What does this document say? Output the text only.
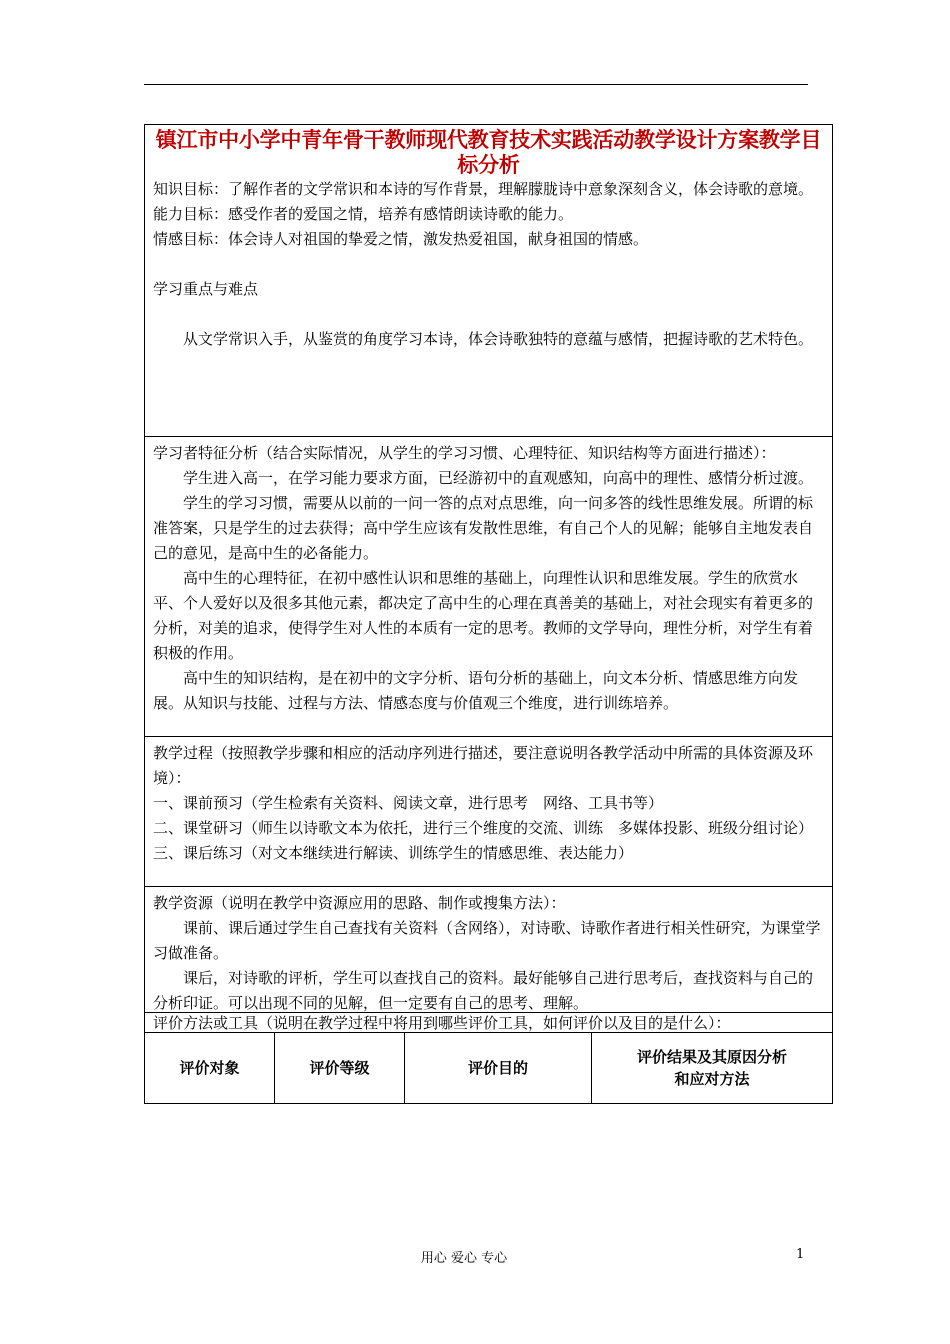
镇江市中小学中青年骨干教师现代教育技术实践活动教学设计方案教学目标分析

知识目标：了解作者的文学常识和本诗的写作背景，理解朦胧诗中意象深刻含义，体会诗歌的意境。

能力目标：感受作者的爱国之情，培养有感情朗读诗歌的能力。

情感目标：体会诗人对祖国的挚爱之情，激发热爱祖国，献身祖国的情感。

学习重点与难点

从文学常识入手，从鉴赏的角度学习本诗，体会诗歌独特的意蕴与感情，把握诗歌的艺术特色。

学习者特征分析（结合实际情况，从学生的学习习惯、心理特征、知识结构等方面进行描述）：

学生进入高一，在学习能力要求方面，已经游初中的直观感知，向高中的理性、感情分析过渡。

学生的学习习惯，需要从以前的一问一答的点对点思维，向一问多答的线性思维发展。所谓的标准答案，只是学生的过去获得；高中学生应该有发散性思维，有自己个人的见解；能够自主地发表自己的意见，是高中生的必备能力。

高中生的心理特征，在初中感性认识和思维的基础上，向理性认识和思维发展。学生的欣赏水平、个人爱好以及很多其他元素，都决定了高中生的心理在真善美的基础上，对社会现实有着更多的分析，对美的追求，使得学生对人性的本质有一定的思考。教师的文学导向，理性分析，对学生有着积极的作用。

高中生的知识结构，是在初中的文字分析、语句分析的基础上，向文本分析、情感思维方向发展。从知识与技能、过程与方法、情感态度与价值观三个维度，进行训练培养。

教学过程（按照教学步骤和相应的活动序列进行描述，要注意说明各教学活动中所需的具体资源及环境）：

一、课前预习（学生检索有关资料、阅读文章，进行思考　网络、工具书等）

二、课堂研习（师生以诗歌文本为依托，进行三个维度的交流、训练　多媒体投影、班级分组讨论）

三、课后练习（对文本继续进行解读、训练学生的情感思维、表达能力）

教学资源（说明在教学中资源应用的思路、制作或搜集方法）：

课前、课后通过学生自己查找有关资料（含网络），对诗歌、诗歌作者进行相关性研究，为课堂学习做准备。

课后，对诗歌的评析，学生可以查找自己的资料。最好能够自己进行思考后，查找资料与自己的分析印证。可以出现不同的见解，但一定要有自己的思考、理解。

评价方法或工具（说明在教学过程中将用到哪些评价工具，如何评价以及目的是什么）：

评价对象	评价等级	评价目的	评价结果及其原因分析
和应对方法
用心 爱心 专心	1
